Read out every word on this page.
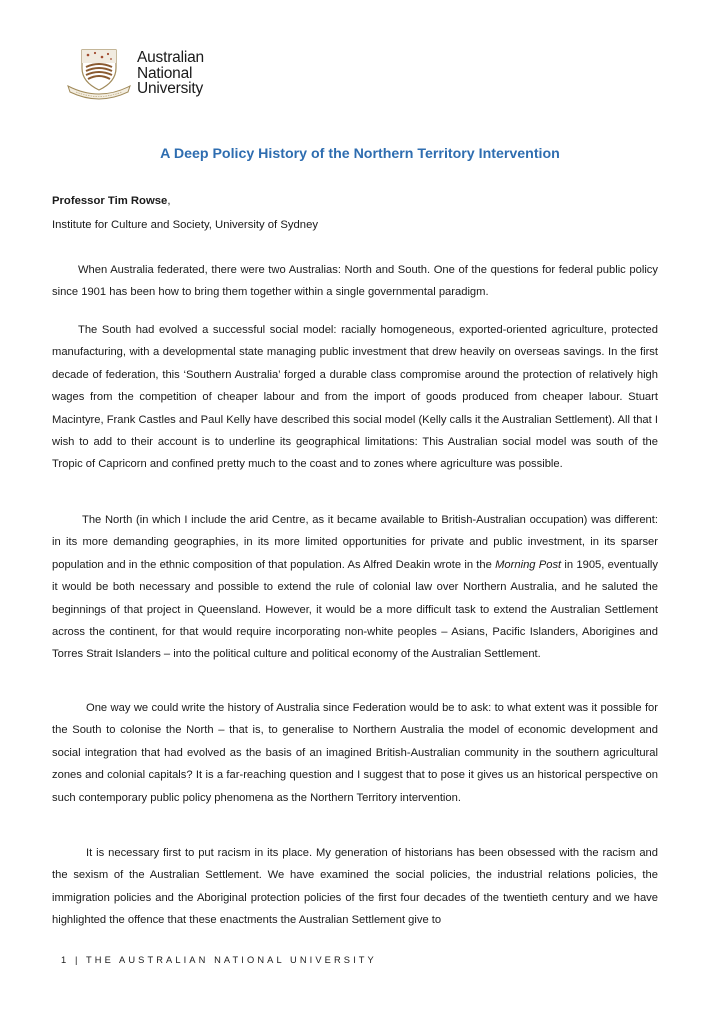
Australian
National
University
A Deep Policy History of the Northern Territory Intervention
Professor Tim Rowse,
Institute for Culture and Society, University of Sydney

When Australia federated, there were two Australias: North and South. One of the questions for federal public policy since 1901 has been how to bring them together within a single governmental paradigm.

The South had evolved a successful social model: racially homogeneous, exported-oriented agriculture, protected manufacturing, with a developmental state managing public investment that drew heavily on overseas savings. In the first decade of federation, this ‘Southern Australia’ forged a durable class compromise around the protection of relatively high wages from the competition of cheaper labour and from the import of goods produced from cheaper labour. Stuart Macintyre, Frank Castles and Paul Kelly have described this social model (Kelly calls it the Australian Settlement). All that I wish to add to their account is to underline its geographical limitations: This Australian social model was south of the Tropic of Capricorn and confined pretty much to the coast and to zones where agriculture was possible.

The North (in which I include the arid Centre, as it became available to British-Australian occupation) was different: in its more demanding geographies, in its more limited opportunities for private and public investment, in its sparser population and in the ethnic composition of that population. As Alfred Deakin wrote in the Morning Post in 1905, eventually it would be both necessary and possible to extend the rule of colonial law over Northern Australia, and he saluted the beginnings of that project in Queensland. However, it would be a more difficult task to extend the Australian Settlement across the continent, for that would require incorporating non-white peoples – Asians, Pacific Islanders, Aborigines and Torres Strait Islanders – into the political culture and political economy of the Australian Settlement.

One way we could write the history of Australia since Federation would be to ask: to what extent was it possible for the South to colonise the North – that is, to generalise to Northern Australia the model of economic development and social integration that had evolved as the basis of an imagined British-Australian community in the southern agricultural zones and colonial capitals? It is a far-reaching question and I suggest that to pose it gives us an historical perspective on such contemporary public policy phenomena as the Northern Territory intervention.

It is necessary first to put racism in its place. My generation of historians has been obsessed with the racism and the sexism of the Australian Settlement. We have examined the social policies, the industrial relations policies, the immigration policies and the Aboriginal protection policies of the first four decades of the twentieth century and we have highlighted the offence that these enactments the Australian Settlement give to

1 | THE AUSTRALIAN NATIONAL UNIVERSITY
